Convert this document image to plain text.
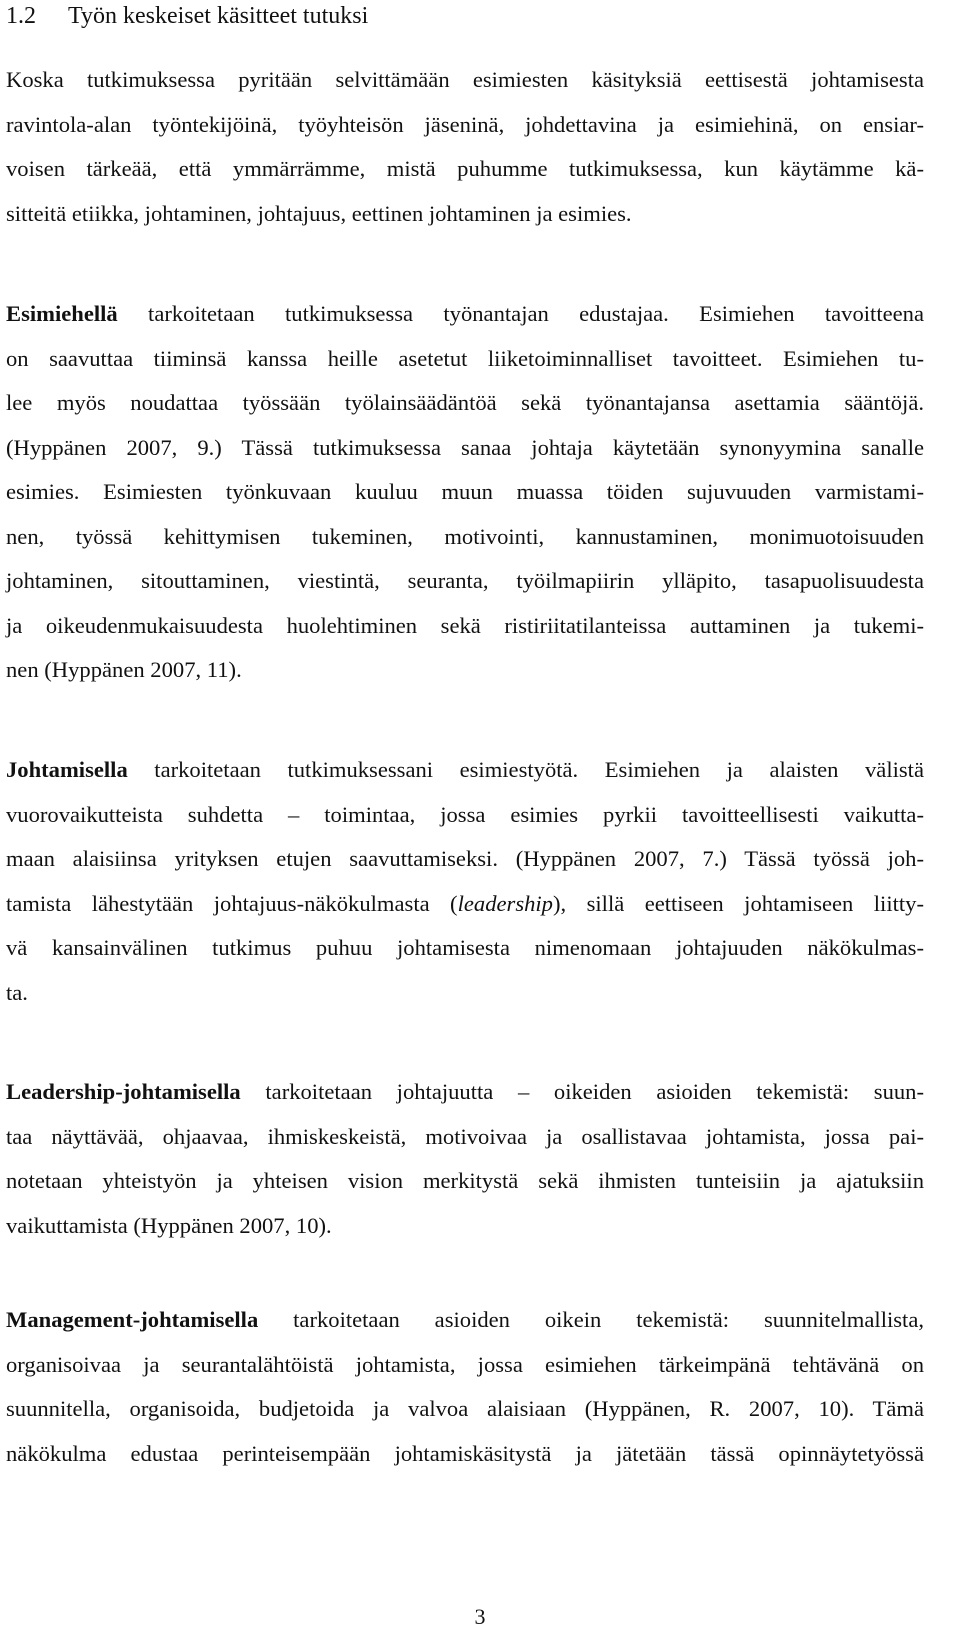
1.2 Työn keskeiset käsitteet tutuksi

Koska tutkimuksessa pyritään selvittämään esimiesten käsityksiä eettisestä johtamisesta
ravintola-alan työntekijöinä, työyhteisön jäseninä, johdettavina ja esimiehinä, on ensiar-
voisen tärkeää, että ymmärrämme, mistä puhumme tutkimuksessa, kun käytämme kä-
sitteitä etiikka, johtaminen, johtajuus, eettinen johtaminen ja esimies.

Esimiehellä tarkoitetaan tutkimuksessa työnantajan edustajaa. Esimiehen tavoitteena
on saavuttaa tiiminsä kanssa heille asetetut liiketoiminnalliset tavoitteet. Esimiehen tu-
lee myös noudattaa työssään työlainsäädäntöä sekä työnantajansa asettamia sääntöjä.
(Hyppänen 2007, 9.) Tässä tutkimuksessa sanaa johtaja käytetään synonyymina sanalle
esimies. Esimiesten työnkuvaan kuuluu muun muassa töiden sujuvuuden varmistami-
nen, työssä kehittymisen tukeminen, motivointi, kannustaminen, monimuotoisuuden
johtaminen, sitouttaminen, viestintä, seuranta, työilmapiirin ylläpito, tasapuolisuudesta
ja oikeudenmukaisuudesta huolehtiminen sekä ristiriitatilanteissa auttaminen ja tukemi-
nen (Hyppänen 2007, 11).

Johtamisella tarkoitetaan tutkimuksessani esimiestyötä. Esimiehen ja alaisten välistä
vuorovaikutteista suhdetta – toimintaa, jossa esimies pyrkii tavoitteellisesti vaikutta-
maan alaisiinsa yrityksen etujen saavuttamiseksi. (Hyppänen 2007, 7.) Tässä työssä joh-
tamista lähestytään johtajuus-näkökulmasta (leadership), sillä eettiseen johtamiseen liitty-
vä kansainvälinen tutkimus puhuu johtamisesta nimenomaan johtajuuden näkökulmas-
ta.

Leadership-johtamisella tarkoitetaan johtajuutta – oikeiden asioiden tekemistä: suun-
taa näyttävää, ohjaavaa, ihmiskeskeistä, motivoivaa ja osallistavaa johtamista, jossa pai-
notetaan yhteistyön ja yhteisen vision merkitystä sekä ihmisten tunteisiin ja ajatuksiin
vaikuttamista (Hyppänen 2007, 10).

Management-johtamisella tarkoitetaan asioiden oikein tekemistä: suunnitelmallista,
organisoivaa ja seurantalähtöistä johtamista, jossa esimiehen tärkeimpänä tehtävänä on
suunnitella, organisoida, budjetoida ja valvoa alaisiaan (Hyppänen, R. 2007, 10). Tämä
näkökulma edustaa perinteisempään johtamiskäsitystä ja jätetään tässä opinnäytetyössä

3
